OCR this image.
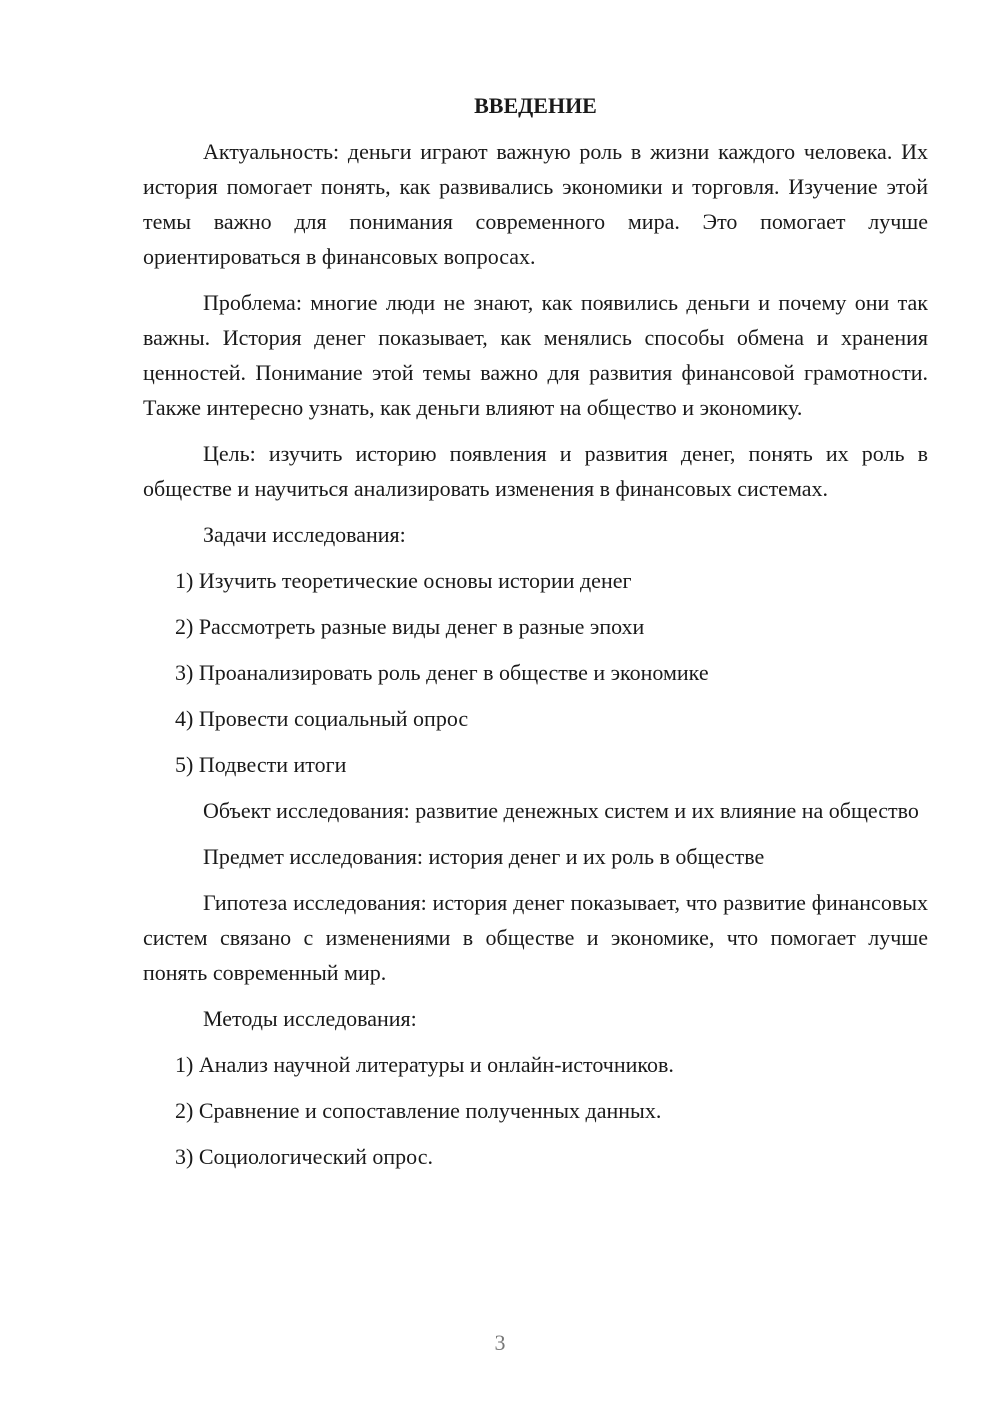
ВВЕДЕНИЕ

Актуальность: деньги играют важную роль в жизни каждого человека. Их история помогает понять, как развивались экономики и торговля. Изучение этой темы важно для понимания современного мира. Это помогает лучше ориентироваться в финансовых вопросах.

Проблема: многие люди не знают, как появились деньги и почему они так важны. История денег показывает, как менялись способы обмена и хранения ценностей. Понимание этой темы важно для развития финансовой грамотности. Также интересно узнать, как деньги влияют на общество и экономику.

Цель: изучить историю появления и развития денег, понять их роль в обществе и научиться анализировать изменения в финансовых системах.

Задачи исследования:

1) Изучить теоретические основы истории денег
2) Рассмотреть разные виды денег в разные эпохи
3) Проанализировать роль денег в обществе и экономике
4) Провести социальный опрос
5) Подвести итоги

Объект исследования: развитие денежных систем и их влияние на общество

Предмет исследования: история денег и их роль в обществе

Гипотеза исследования: история денег показывает, что развитие финансовых систем связано с изменениями в обществе и экономике, что помогает лучше понять современный мир.

Методы исследования:

1) Анализ научной литературы и онлайн-источников.
2) Сравнение и сопоставление полученных данных.
3) Социологический опрос.
3
